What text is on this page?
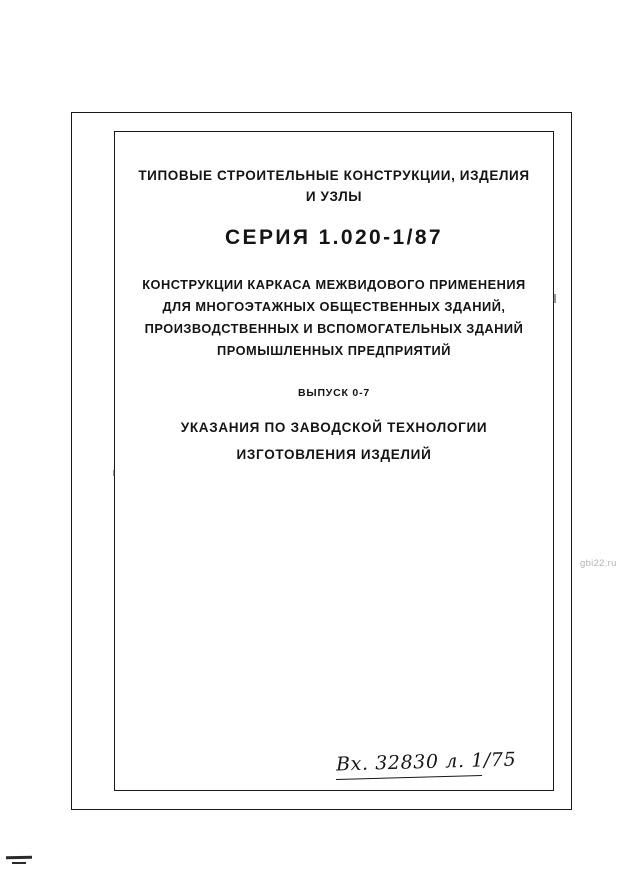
ТИПОВЫЕ СТРОИТЕЛЬНЫЕ КОНСТРУКЦИИ, ИЗДЕЛИЯ
И УЗЛЫ
СЕРИЯ 1.020-1/87
КОНСТРУКЦИИ КАРКАСА МЕЖВИДОВОГО ПРИМЕНЕНИЯ
ДЛЯ МНОГОЭТАЖНЫХ ОБЩЕСТВЕННЫХ ЗДАНИЙ,
ПРОИЗВОДСТВЕННЫХ И ВСПОМОГАТЕЛЬНЫХ ЗДАНИЙ
ПРОМЫШЛЕННЫХ ПРЕДПРИЯТИЙ
ВЫПУСК 0-7
УКАЗАНИЯ ПО ЗАВОДСКОЙ ТЕХНОЛОГИИ
ИЗГОТОВЛЕНИЯ ИЗДЕЛИЙ
Вх. 32830 л. 1/75
gbi22.ru
